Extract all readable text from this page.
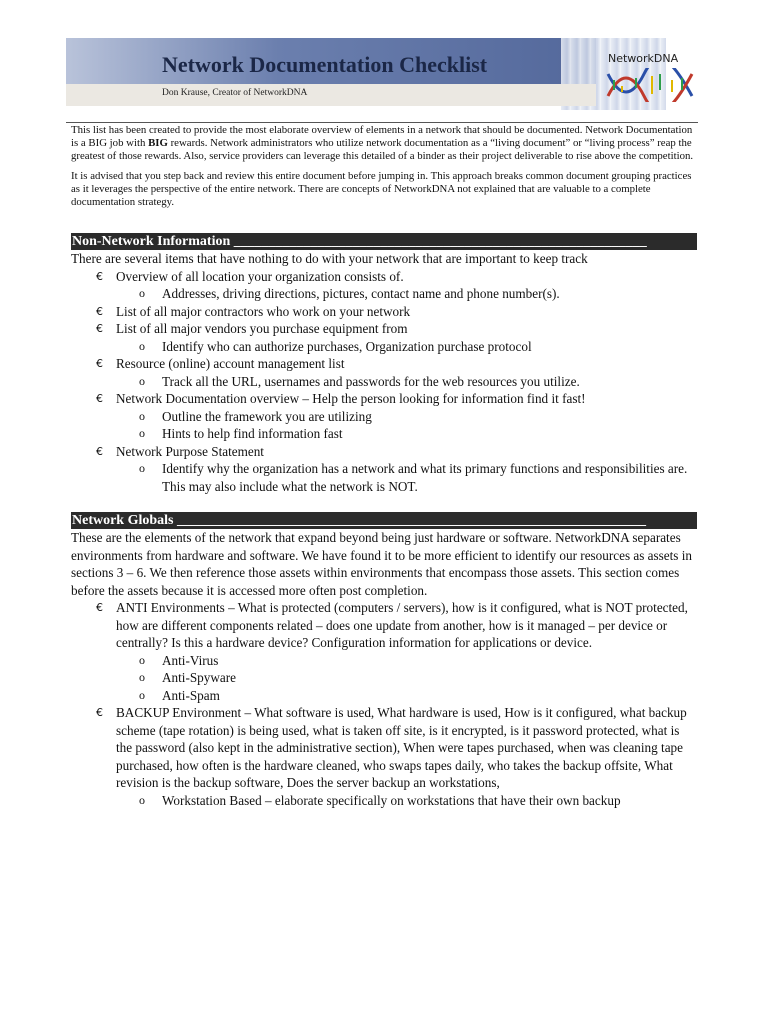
Network Documentation Checklist
Don Krause, Creator of NetworkDNA
NetworkDNA

This list has been created to provide the most elaborate overview of elements in a network that should be documented. Network Documentation is a BIG job with BIG rewards. Network administrators who utilize network documentation as a “living document” or “living process” reap the greatest of those rewards. Also, service providers can leverage this detailed of a binder as their project deliverable to rise above the competition.

It is advised that you step back and review this entire document before jumping in. This approach breaks common document grouping practices as it leverages the perspective of the entire network. There are concepts of NetworkDNA not explained that are valuable to a complete documentation strategy.

Non-Network Information ___________________________________________________________

There are several items that have nothing to do with your network that are important to keep track

€ Overview of all location your organization consists of.
o Addresses, driving directions, pictures, contact name and phone number(s).
€ List of all major contractors who work on your network
€ List of all major vendors you purchase equipment from
o Identify who can authorize purchases, Organization purchase protocol
€ Resource (online) account management list
o Track all the URL, usernames and passwords for the web resources you utilize.
€ Network Documentation overview – Help the person looking for information find it fast!
o Outline the framework you are utilizing
o Hints to help find information fast
€ Network Purpose Statement
o Identify why the organization has a network and what its primary functions and responsibilities are. This may also include what the network is NOT.
Network Globals ___________________________________________________________________

These are the elements of the network that expand beyond being just hardware or software. NetworkDNA separates environments from hardware and software. We have found it to be more efficient to identify our resources as assets in sections 3 – 6. We then reference those assets within environments that encompass those assets. This section comes before the assets because it is accessed more often post completion.

€ ANTI Environments – What is protected (computers / servers), how is it configured, what is NOT protected, how are different components related – does one update from another, how is it managed – per device or centrally? Is this a hardware device? Configuration information for applications or device.
o Anti-Virus
o Anti-Spyware
o Anti-Spam
€ BACKUP Environment – What software is used, What hardware is used, How is it configured, what backup scheme (tape rotation) is being used, what is taken off site, is it encrypted, is it password protected, what is the password (also kept in the administrative section), When were tapes purchased, when was cleaning tape purchased, how often is the hardware cleaned, who swaps tapes daily, who takes the backup offsite, What revision is the backup software, Does the server backup an workstations,
o Workstation Based – elaborate specifically on workstations that have their own backup
